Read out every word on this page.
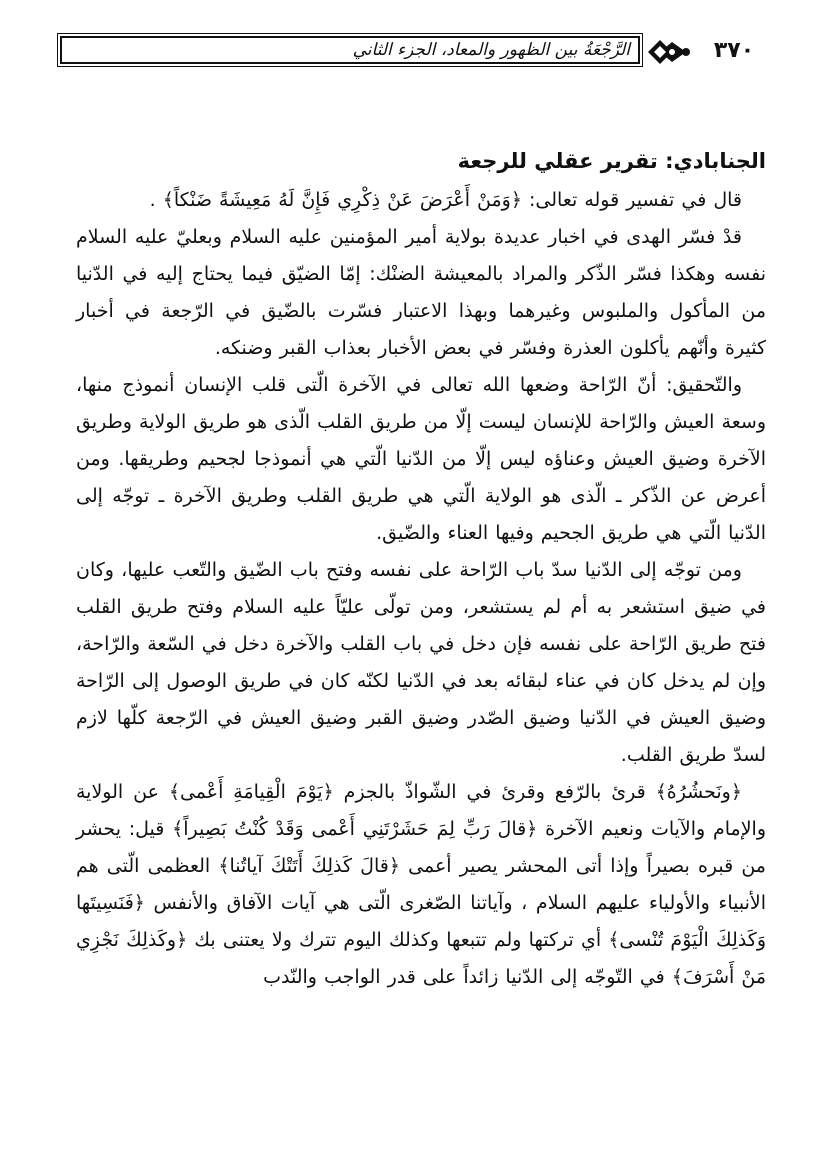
الرَّجْعَةُ بين الظهور والمعاد، الجزء الثاني	٣٧٠
الجنابادي: تقرير عقلي للرجعة

قال في تفسير قوله تعالى: ﴿وَمَنْ أَعْرَضَ عَنْ ذِكْرِي فَإِنَّ لَهُ مَعِيشَةً ضَنْكاً﴾ .

قدْ فسّر الهدى في اخبار عديدة بولاية أمير المؤمنين عليه السلام وبعليّ عليه السلام نفسه وهكذا فسّر الذّكر والمراد بالمعيشة الضنْك: إمّا الضيّق فيما يحتاج إليه في الدّنيا من المأكول والملبوس وغيرهما وبهذا الاعتبار فسّرت بالضّيق في الرّجعة في أخبار كثيرة وأنّهم يأكلون العذرة وفسّر في بعض الأخبار بعذاب القبر وضنكه.

والتّحقيق: أنّ الرّاحة وضعها الله تعالى في الآخرة الّتى قلب الإنسان أنموذج منها، وسعة العيش والرّاحة للإنسان ليست إلّا من طريق القلب الّذى هو طريق الولاية وطريق الآخرة وضيق العيش وعناؤه ليس إلّا من الدّنيا الّتي هي أنموذجا لجحيم وطريقها. ومن أعرض عن الذّكر ـ الّذى هو الولاية الّتي هي طريق القلب وطريق الآخرة ـ توجّه إلى الدّنيا الّتي هي طريق الجحيم وفيها العناء والضّيق.

ومن توجّه إلى الدّنيا سدّ باب الرّاحة على نفسه وفتح باب الضّيق والتّعب عليها، وكان في ضيق استشعر به أم لم يستشعر، ومن تولّى عليّاً عليه السلام وفتح طريق القلب فتح طريق الرّاحة على نفسه فإن دخل في باب القلب والآخرة دخل في السّعة والرّاحة، وإن لم يدخل كان في عناء لبقائه بعد في الدّنيا لكنّه كان في طريق الوصول إلى الرّاحة وضيق العيش في الدّنيا وضيق الصّدر وضيق القبر وضيق العيش في الرّجعة كلّها لازم لسدّ طريق القلب.

﴿ونَحشُرُهُ﴾ قرئ بالرّفع وقرئ في الشّواذّ بالجزم ﴿يَوْمَ الْقِيامَةِ أَعْمى﴾ عن الولاية والإمام والآيات ونعيم الآخرة ﴿قالَ رَبِّ لِمَ حَشَرْتَنِي أَعْمى وَقَدْ كُنْتُ بَصِيراً﴾ قيل: يحشر من قبره بصيراً وإذا أتى المحشر يصير أعمى ﴿قالَ كَذلِكَ أَتَتْكَ آياتُنا﴾ العظمى الّتى هم الأنبياء والأولياء عليهم السلام ، وآياتنا الصّغرى الّتى هي آيات الآفاق والأنفس ﴿فَنَسِيتَها وَكَذلِكَ الْيَوْمَ تُنْسى﴾ أي تركتها ولم تتبعها وكذلك اليوم تترك ولا يعتنى بك ﴿وكَذلِكَ نَجْزِي مَنْ أَسْرَفَ﴾ في التّوجّه إلى الدّنيا زائداً على قدر الواجب والنّدب
